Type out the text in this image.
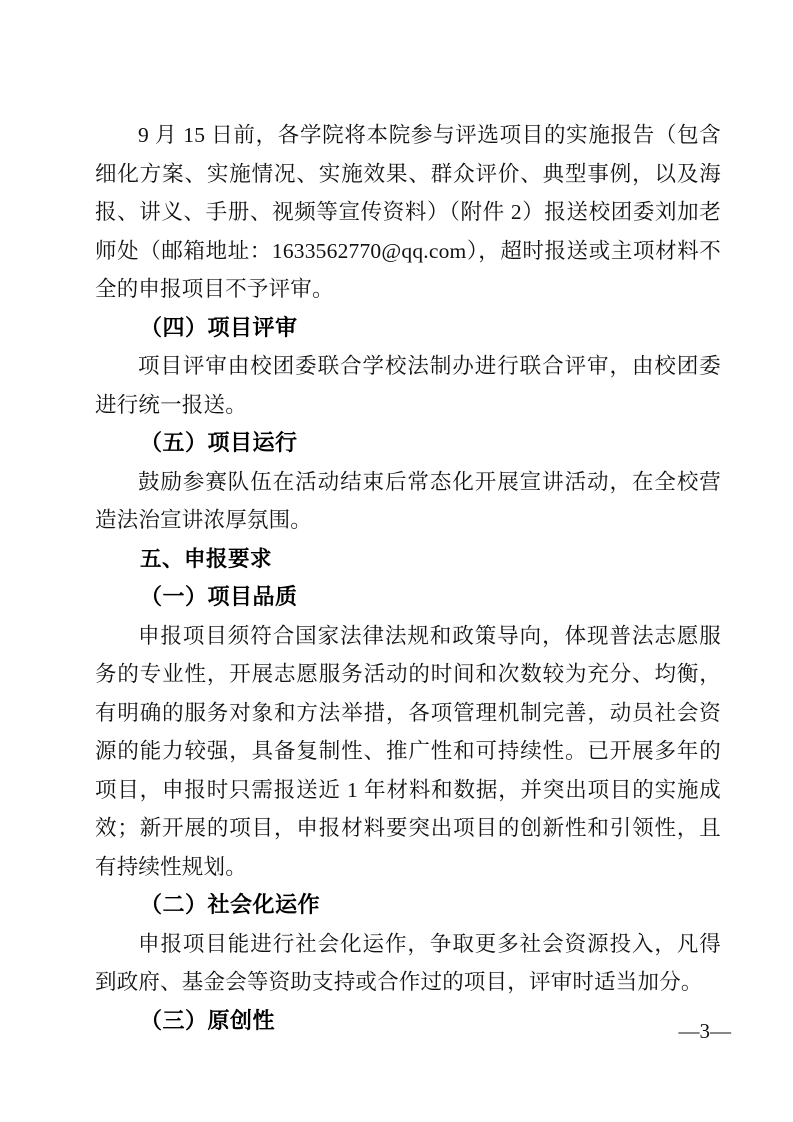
9 月 15 日前，各学院将本院参与评选项目的实施报告（包含细化方案、实施情况、实施效果、群众评价、典型事例，以及海报、讲义、手册、视频等宣传资料）（附件 2）报送校团委刘加老师处（邮箱地址：1633562770@qq.com），超时报送或主项材料不全的申报项目不予评审。

（四）项目评审

项目评审由校团委联合学校法制办进行联合评审，由校团委进行统一报送。

（五）项目运行

鼓励参赛队伍在活动结束后常态化开展宣讲活动，在全校营造法治宣讲浓厚氛围。

五、申报要求

（一）项目品质

申报项目须符合国家法律法规和政策导向，体现普法志愿服务的专业性，开展志愿服务活动的时间和次数较为充分、均衡，有明确的服务对象和方法举措，各项管理机制完善，动员社会资源的能力较强，具备复制性、推广性和可持续性。已开展多年的项目，申报时只需报送近 1 年材料和数据，并突出项目的实施成效；新开展的项目，申报材料要突出项目的创新性和引领性，且有持续性规划。

（二）社会化运作

申报项目能进行社会化运作，争取更多社会资源投入，凡得到政府、基金会等资助支持或合作过的项目，评审时适当加分。

（三）原创性	—3—
